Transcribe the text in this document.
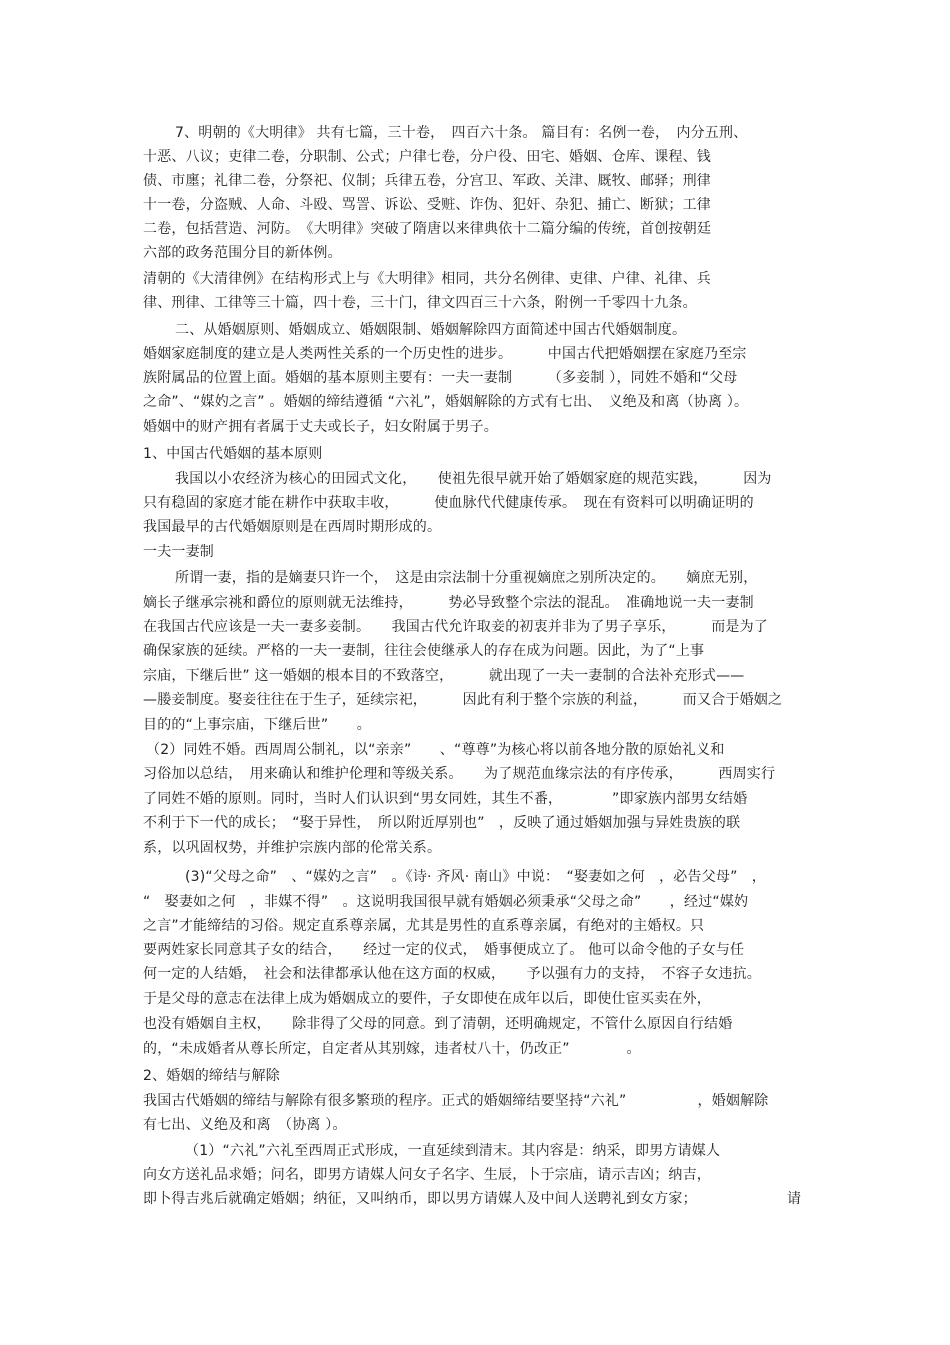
7、明朝的《大明律》 共有七篇，三十卷，　四百六十条。 篇目有：名例一卷，　内分五刑、
十恶、八议；吏律二卷，分职制、公式；户律七卷，分户役、田宅、婚姻、仓库、课程、钱
债、市廛；礼律二卷，分祭祀、仪制；兵律五卷，分宫卫、军政、关津、厩牧、邮驿；刑律
十一卷，分盗贼、人命、斗殴、骂詈、诉讼、受赃、诈伪、犯奸、杂犯、捕亡、断狱；工律
二卷，包括营造、河防。　《大明律》突破了隋唐以来律典依十二篇分编的传统，首创按朝廷
六部的政务范围分目的新体例。
清朝的《大清律例》在结构形式上与《大明律》相同，共分名例律、吏律、户律、礼律、兵
律、刑律、工律等三十篇，四十卷，三十门，律文四百三十六条，附例一千零四十九条。
二、从婚姻原则、婚姻成立、婚姻限制、婚姻解除四方面简述中国古代婚姻制度。
婚姻家庭制度的建立是人类两性关系的一个历史性的进步。　　　中国古代把婚姻摆在家庭乃至宗
族附属品的位置上面。婚姻的基本原则主要有：一夫一妻制　　　（多妾制 ），同姓不婚和“父母
之命”、“媒妁之言” 。婚姻的缔结遵循 “六礼”，婚姻解除的方式有七出、　义绝及和离（协离 ）。
婚姻中的财产拥有者属于丈夫或长子，妇女附属于男子。
1、中国古代婚姻的基本原则
我国以小农经济为核心的田园式文化，　　使祖先很早就开始了婚姻家庭的规范实践，　　　因为
只有稳固的家庭才能在耕作中获取丰收，　　　使血脉代代健康传承。　现在有资料可以明确证明的
我国最早的古代婚姻原则是在西周时期形成的。
一夫一妻制
所谓一妻，指的是嫡妻只许一个，　这是由宗法制十分重视嫡庶之别所决定的。　　嫡庶无别，
嫡长子继承宗祧和爵位的原则就无法维持，　　　势必导致整个宗法的混乱。　准确地说一夫一妻制
在我国古代应该是一夫一妻多妾制。　　我国古代允许取妾的初衷并非为了男子享乐，　　　而是为了
确保家族的延续。严格的一夫一妻制，往往会使继承人的存在成为问题。因此，为了“上事
宗庙，下继后世” 这一婚姻的根本目的不致落空，　　　就出现了一夫一妻制的合法补充形式——
—媵妾制度。娶妾往往在于生子，延续宗祀，　　　因此有利于整个宗族的利益，　　　而又合于婚姻之
目的的“上事宗庙，下继后世”　　。
（2）同姓不婚。西周周公制礼，以“亲亲”　　、“尊尊”为核心将以前各地分散的原始礼义和
习俗加以总结，　用来确认和维护伦理和等级关系。　　为了规范血缘宗法的有序传承，　　　西周实行
了同姓不婚的原则。同时，当时人们认识到“男女同姓，其生不番，　　　　”即家族内部男女结婚
不利于下一代的成长；　“娶于异性，　所以附近厚别也”　，反映了通过婚姻加强与异姓贵族的联
系，以巩固权势，并维护宗族内部的伦常关系。
(3)“父母之命”　、“媒妁之言”　。《诗· 齐风· 南山》中说：　“娶妻如之何　，必告父母”　，
“　娶妻如之何　，非媒不得”　。这说明我国很早就有婚姻必须秉承“父母之命”　　，经过“媒妁
之言”才能缔结的习俗。规定直系尊亲属，尤其是男性的直系尊亲属，有绝对的主婚权。只
要两姓家长同意其子女的结合，　　经过一定的仪式，　婚事便成立了。 他可以命令他的子女与任
何一定的人结婚，　社会和法律都承认他在这方面的权威，　　予以强有力的支持，　不容子女违抗。
于是父母的意志在法律上成为婚姻成立的要件，子女即使在成年以后，即使仕宦买卖在外，
也没有婚姻自主权，　　除非得了父母的同意。到了清朝，还明确规定，不管什么原因自行结婚
的，“未成婚者从尊长所定，自定者从其别嫁，违者杖八十，仍改正”　　　　。
2、婚姻的缔结与解除
我国古代婚姻的缔结与解除有很多繁琐的程序。正式的婚姻缔结要坚持“六礼”　　　　　，婚姻解除
有七出、义绝及和离　（协离 ）。
（1）“六礼”六礼至西周正式形成，一直延续到清末。其内容是：纳采，即男方请媒人
向女方送礼品求婚；问名，即男方请媒人问女子名字、生辰，卜于宗庙，请示吉凶；纳吉，
即卜得吉兆后就确定婚姻；纳征，又叫纳币，即以男方请媒人及中间人送聘礼到女方家；	请
